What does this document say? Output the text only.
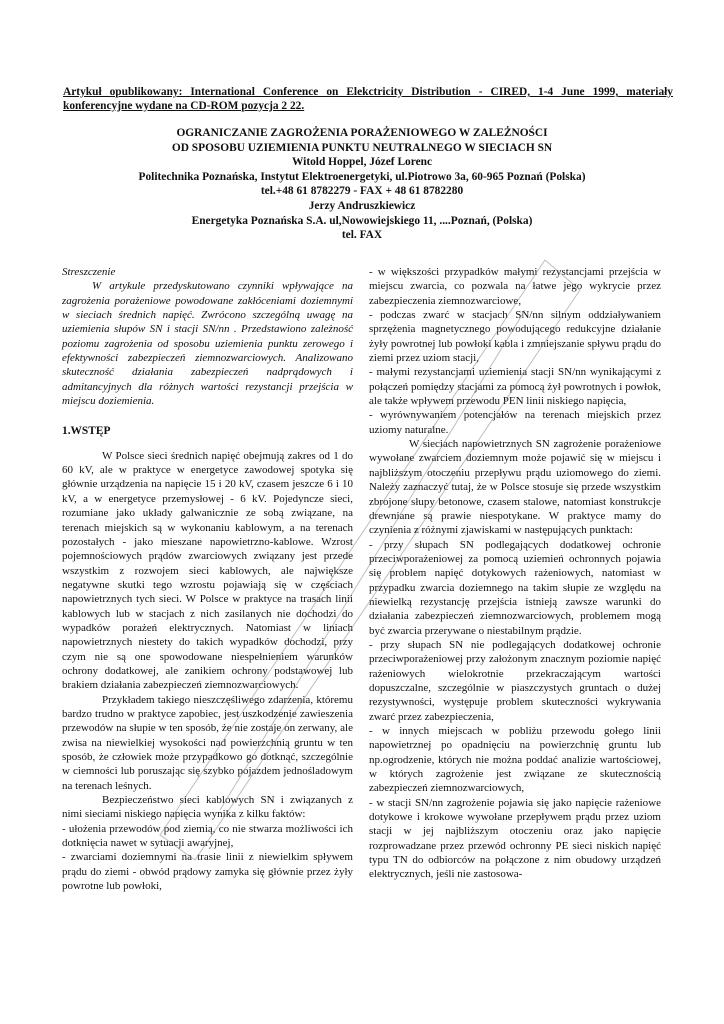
Artykuł opublikowany: International Conference on Elekctricity Distribution - CIRED, 1-4 June 1999, materiały konferencyjne wydane na CD-ROM pozycja 2 22.
OGRANICZANIE ZAGROŻENIA PORAŻENIOWEGO W ZALEŻNOŚCI
OD SPOSOBU UZIEMIENIA PUNKTU NEUTRALNEGO W SIECIACH SN
Witold Hoppel, Józef Lorenc
Politechnika Poznańska, Instytut Elektroenergetyki, ul.Piotrowo 3a, 60-965 Poznań (Polska)
tel.+48 61 8782279 - FAX + 48 61 8782280
Jerzy Andruszkiewicz
Energetyka Poznańska S.A. ul,Nowowiejskiego 11, ....Poznań, (Polska)
tel. FAX

Streszczenie

W artykule przedyskutowano czynniki wpływające na zagrożenia porażeniowe powodowane zakłóceniami doziemnymi w sieciach średnich napięć. Zwrócono szczególną uwagę na uziemienia słupów SN i stacji SN/nn . Przedstawiono zależność poziomu zagrożenia od sposobu uziemienia punktu zerowego i efektywności zabezpieczeń ziemnozwarciowych. Analizowano skuteczność działania zabezpieczeń nadprądowych i admitancyjnych dla różnych wartości rezystancji przejścia w miejscu doziemienia.

1.WSTĘP

W Polsce sieci średnich napięć obejmują zakres od 1 do 60 kV, ale w praktyce w energetyce zawodowej spotyka się głównie urządzenia na napięcie 15 i 20 kV, czasem jeszcze 6 i 10 kV, a w energetyce przemysłowej - 6 kV. Pojedyncze sieci, rozumiane jako układy galwanicznie ze sobą związane, na terenach miejskich są w wykonaniu kablowym, a na terenach pozostałych - jako mieszane napowietrzno-kablowe. Wzrost pojemnościowych prądów zwarciowych związany jest przede wszystkim z rozwojem sieci kablowych, ale największe negatywne skutki tego wzrostu pojawiają się w częściach napowietrznych tych sieci. W Polsce w praktyce na trasach linii kablowych lub w stacjach z nich zasilanych nie dochodzi do wypadków porażeń elektrycznych. Natomiast w liniach napowietrznych niestety do takich wypadków dochodzi, przy czym nie są one spowodowane niespełnieniem warunków ochrony dodatkowej, ale zanikiem ochrony podstawowej lub brakiem działania zabezpieczeń ziemnozwarciowych.

Przykładem takiego nieszczęśliwego zdarzenia, któremu bardzo trudno w praktyce zapobiec, jest uszkodzenie zawieszenia przewodów na słupie w ten sposób, że nie zostaje on zerwany, ale zwisa na niewielkiej wysokości nad powierzchnią gruntu w ten sposób, że człowiek może przypadkowo go dotknąć, szczególnie w ciemności lub poruszając się szybko pojazdem jednośladowym na terenach leśnych.

Bezpieczeństwo sieci kablowych SN i związanych z nimi sieciami niskiego napięcia wynika z kilku faktów:

- ułożenia przewodów pod ziemią, co nie stwarza możliwości ich dotknięcia nawet w sytuacji awaryjnej,

- zwarciami doziemnymi na trasie linii z niewielkim spływem prądu do ziemi - obwód prądowy zamyka się głównie przez żyły powrotne lub powłoki,

- w większości przypadków małymi rezystancjami przejścia w miejscu zwarcia, co pozwala na łatwe jego wykrycie przez zabezpieczenia ziemnozwarciowe,

- podczas zwarć w stacjach SN/nn silnym oddziaływaniem sprzężenia magnetycznego powodującego redukcyjne działanie żyły powrotnej lub powłoki kabla i zmniejszanie spływu prądu do ziemi przez uziom stacji,

- małymi rezystancjami uziemienia stacji SN/nn wynikającymi z połączeń pomiędzy stacjami za pomocą żył powrotnych i powłok, ale także wpływem przewodu PEN linii niskiego napięcia,

- wyrównywaniem potencjałów na terenach miejskich przez uziomy naturalne.

W sieciach napowietrznych SN zagrożenie porażeniowe wywołane zwarciem doziemnym może pojawić się w miejscu i najbliższym otoczeniu przepływu prądu uziomowego do ziemi. Należy zaznaczyć tutaj, że w Polsce stosuje się przede wszystkim zbrojone słupy betonowe, czasem stalowe, natomiast konstrukcje drewniane są prawie niespotykane. W praktyce mamy do czynienia z różnymi zjawiskami w następujących punktach:

- przy słupach SN podlegających dodatkowej ochronie przeciwporażeniowej za pomocą uziemień ochronnych pojawia się problem napięć dotykowych rażeniowych, natomiast w przypadku zwarcia doziemnego na takim słupie ze względu na niewielką rezystancję przejścia istnieją zawsze warunki do działania zabezpieczeń ziemnozwarciowych, problemem mogą być zwarcia przerywane o niestabilnym prądzie.

- przy słupach SN nie podlegających dodatkowej ochronie przeciwporażeniowej przy założonym znacznym poziomie napięć rażeniowych wielokrotnie przekraczającym wartości dopuszczalne, szczególnie w piaszczystych gruntach o dużej rezystywności, występuje problem skuteczności wykrywania zwarć przez zabezpieczenia,

- w innych miejscach w pobliżu przewodu gołego linii napowietrznej po opadnięciu na powierzchnię gruntu lub np.ogrodzenie, których nie można poddać analizie wartościowej, w których zagrożenie jest związane ze skutecznością zabezpieczeń ziemnozwarciowych,

- w stacji SN/nn zagrożenie pojawia się jako napięcie rażeniowe dotykowe i krokowe wywołane przepływem prądu przez uziom stacji w jej najbliższym otoczeniu oraz jako napięcie rozprowadzane przez przewód ochronny PE sieci niskich napięć typu TN do odbiorców na połączone z nim obudowy urządzeń elektrycznych, jeśli nie zastosowa-
